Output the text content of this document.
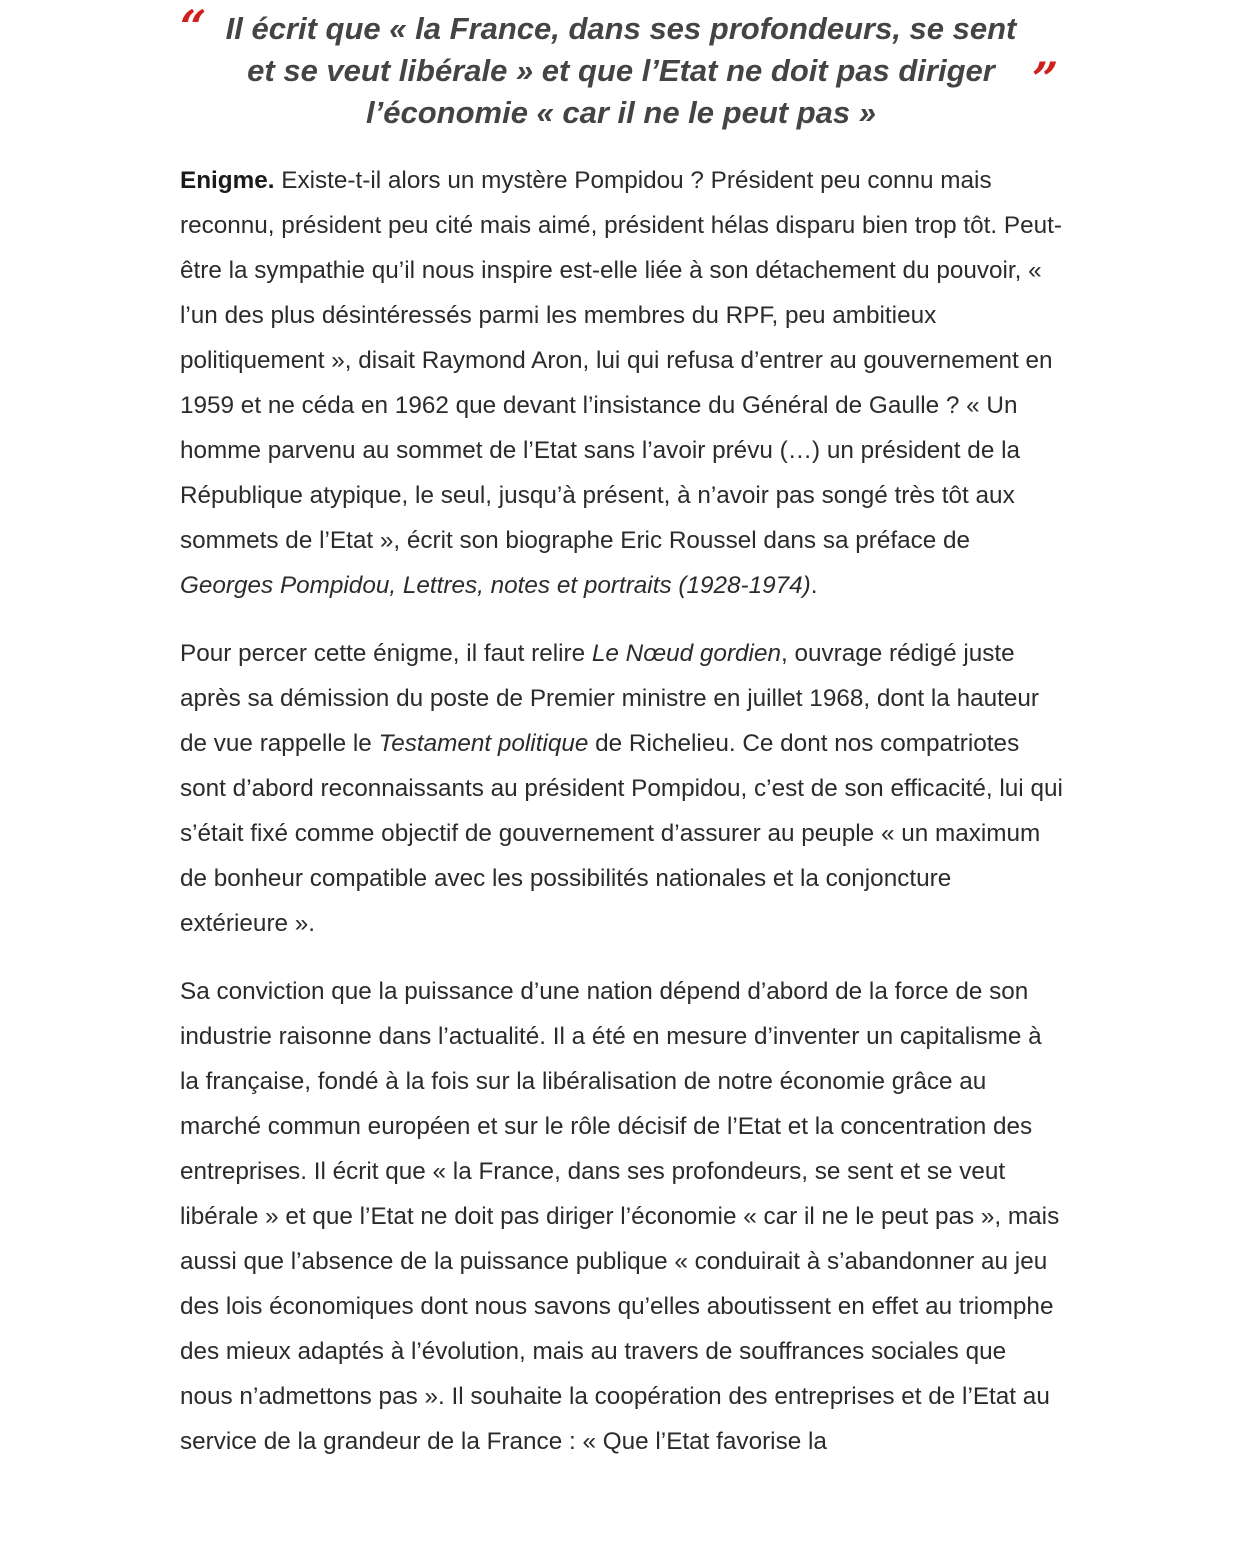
“ Il écrit que « la France, dans ses profondeurs, se sent et se veut libérale » et que l’Etat ne doit pas diriger l’économie « car il ne le peut pas »
”

Enigme. Existe-t-il alors un mystère Pompidou ? Président peu connu mais reconnu, président peu cité mais aimé, président hélas disparu bien trop tôt. Peut-être la sympathie qu’il nous inspire est-elle liée à son détachement du pouvoir, « l’un des plus désintéressés parmi les membres du RPF, peu ambitieux politiquement », disait Raymond Aron, lui qui refusa d’entrer au gouvernement en 1959 et ne céda en 1962 que devant l’insistance du Général de Gaulle ? « Un homme parvenu au sommet de l’Etat sans l’avoir prévu (…) un président de la République atypique, le seul, jusqu’à présent, à n’avoir pas songé très tôt aux sommets de l’Etat », écrit son biographe Eric Roussel dans sa préface de Georges Pompidou, Lettres, notes et portraits (1928-1974).

Pour percer cette énigme, il faut relire Le Nœud gordien, ouvrage rédigé juste après sa démission du poste de Premier ministre en juillet 1968, dont la hauteur de vue rappelle le Testament politique de Richelieu. Ce dont nos compatriotes sont d’abord reconnaissants au président Pompidou, c’est de son efficacité, lui qui s’était fixé comme objectif de gouvernement d’assurer au peuple « un maximum de bonheur compatible avec les possibilités nationales et la conjoncture extérieure ».

Sa conviction que la puissance d’une nation dépend d’abord de la force de son industrie raisonne dans l’actualité. Il a été en mesure d’inventer un capitalisme à la française, fondé à la fois sur la libéralisation de notre économie grâce au marché commun européen et sur le rôle décisif de l’Etat et la concentration des entreprises. Il écrit que « la France, dans ses profondeurs, se sent et se veut libérale » et que l’Etat ne doit pas diriger l’économie « car il ne le peut pas », mais aussi que l’absence de la puissance publique « conduirait à s’abandonner au jeu des lois économiques dont nous savons qu’elles aboutissent en effet au triomphe des mieux adaptés à l’évolution, mais au travers de souffrances sociales que nous n’admettons pas ». Il souhaite la coopération des entreprises et de l’Etat au service de la grandeur de la France : « Que l’Etat favorise la
